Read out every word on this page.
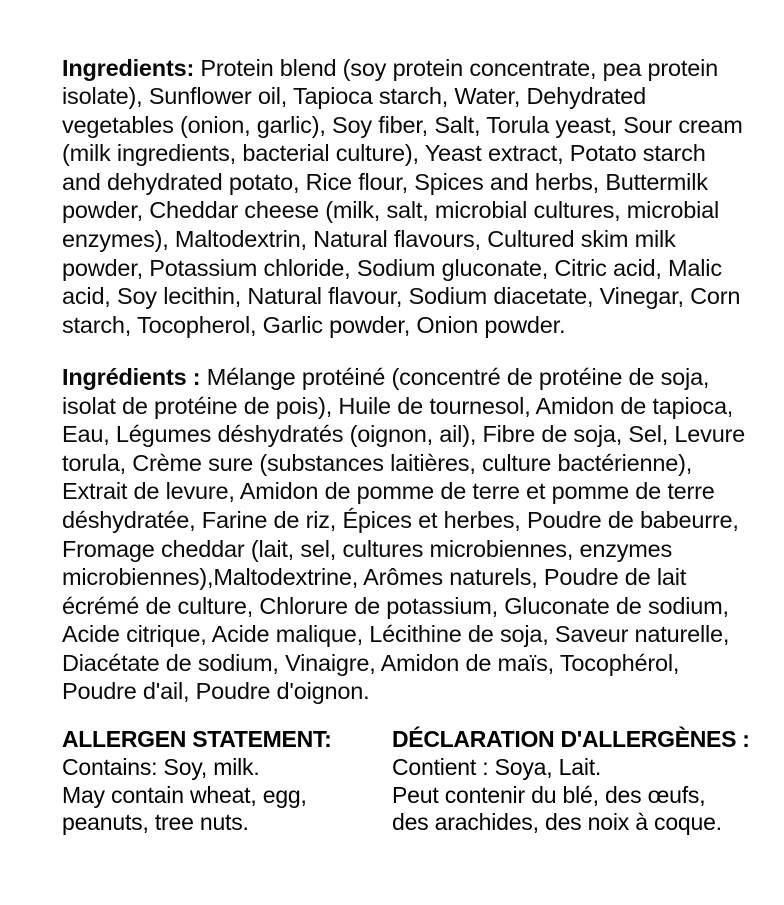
Ingredients: Protein blend (soy protein concentrate, pea protein isolate), Sunflower oil, Tapioca starch, Water, Dehydrated vegetables (onion, garlic), Soy fiber, Salt, Torula yeast, Sour cream (milk ingredients, bacterial culture), Yeast extract, Potato starch and dehydrated potato, Rice flour, Spices and herbs, Buttermilk powder, Cheddar cheese (milk, salt, microbial cultures, microbial enzymes), Maltodextrin, Natural flavours, Cultured skim milk powder, Potassium chloride, Sodium gluconate, Citric acid, Malic acid, Soy lecithin, Natural flavour, Sodium diacetate, Vinegar, Corn starch, Tocopherol, Garlic powder, Onion powder.

Ingrédients : Mélange protéiné (concentré de protéine de soja, isolat de protéine de pois), Huile de tournesol, Amidon de tapioca, Eau, Légumes déshydratés (oignon, ail), Fibre de soja, Sel, Levure torula, Crème sure (substances laitières, culture bactérienne), Extrait de levure, Amidon de pomme de terre et pomme de terre déshydratée, Farine de riz, Épices et herbes, Poudre de babeurre, Fromage cheddar (lait, sel, cultures microbiennes, enzymes microbiennes),Maltodextrine, Arômes naturels, Poudre de lait écrémé de culture, Chlorure de potassium, Gluconate de sodium, Acide citrique, Acide malique, Lécithine de soja, Saveur naturelle, Diacétate de sodium, Vinaigre, Amidon de maïs, Tocophérol, Poudre d'ail, Poudre d'oignon.

ALLERGEN STATEMENT:
Contains: Soy, milk.
May contain wheat, egg,
peanuts, tree nuts.
DÉCLARATION D'ALLERGÈNES :
Contient : Soya, Lait.
Peut contenir du blé, des œufs,
des arachides, des noix à coque.
